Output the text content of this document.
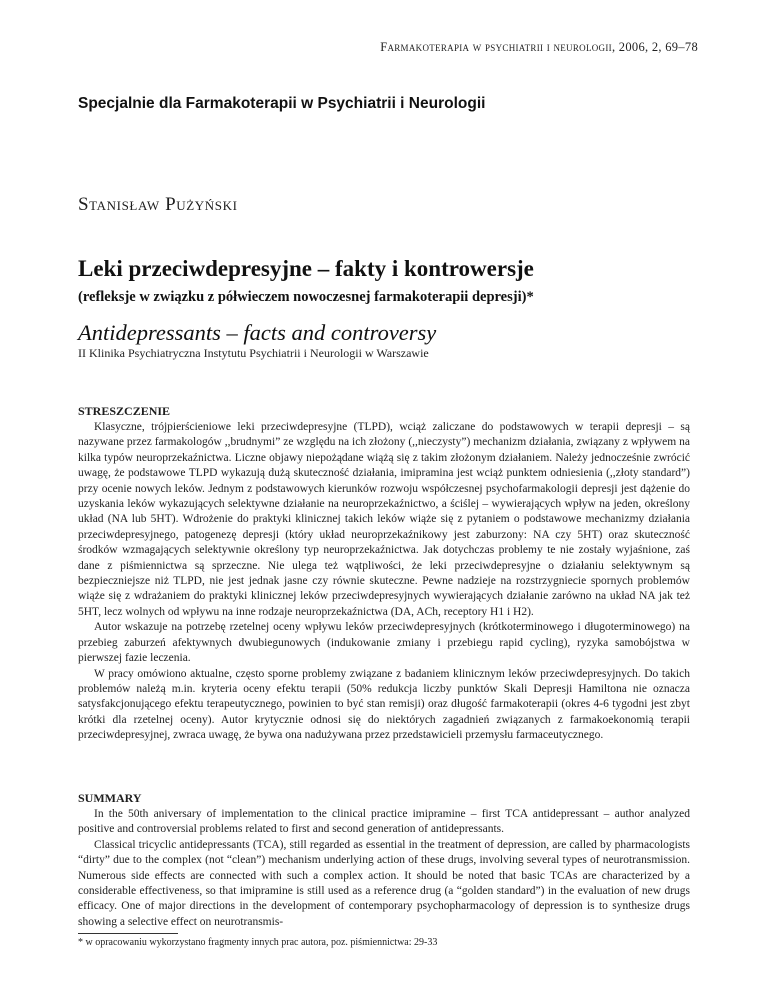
Farmakoterapia w psychiatrii i neurologii, 2006, 2, 69–78
Specjalnie dla Farmakoterapii w Psychiatrii i Neurologii
Stanisław Pużyński
Leki przeciwdepresyjne – fakty i kontrowersje
(refleksje w związku z półwieczem nowoczesnej farmakoterapii depresji)*
Antidepressants – facts and controversy
II Klinika Psychiatryczna Instytutu Psychiatrii i Neurologii w Warszawie
STRESZCZENIE

Klasyczne, trójpierścieniowe leki przeciwdepresyjne (TLPD), wciąż zaliczane do podstawowych w terapii depresji – są nazywane przez farmakologów ,,brudnymi” ze względu na ich złożony (,,nieczysty”) mechanizm działania, związany z wpływem na kilka typów neuroprzekaźnictwa. Liczne objawy niepożądane wiążą się z takim złożonym działaniem. Należy jednocześnie zwrócić uwagę, że podstawowe TLPD wykazują dużą skuteczność działania, imipramina jest wciąż punktem odniesienia (,,złoty standard”) przy ocenie nowych leków. Jednym z podstawowych kierunków rozwoju współczesnej psychofarmakologii depresji jest dążenie do uzyskania leków wykazujących selektywne działanie na neuroprzekaźnictwo, a ściślej – wywierających wpływ na jeden, określony układ (NA lub 5HT). Wdrożenie do praktyki klinicznej takich leków wiąże się z pytaniem o podstawowe mechanizmy działania przeciwdepresyjnego, patogenezę depresji (który układ neuroprzekaźnikowy jest zaburzony: NA czy 5HT) oraz skuteczność środków wzmagających selektywnie określony typ neuroprzekaźnictwa. Jak dotychczas problemy te nie zostały wyjaśnione, zaś dane z piśmiennictwa są sprzeczne. Nie ulega też wątpliwości, że leki przeciwdepresyjne o działaniu selektywnym są bezpieczniejsze niż TLPD, nie jest jednak jasne czy równie skuteczne. Pewne nadzieje na rozstrzygniecie spornych problemów wiąże się z wdrażaniem do praktyki klinicznej leków przeciwdepresyjnych wywierających działanie zarówno na układ NA jak też 5HT, lecz wolnych od wpływu na inne rodzaje neuroprzekaźnictwa (DA, ACh, receptory H1 i H2).

Autor wskazuje na potrzebę rzetelnej oceny wpływu leków przeciwdepresyjnych (krótkoterminowego i długoterminowego) na przebieg zaburzeń afektywnych dwubiegunowych (indukowanie zmiany i przebiegu rapid cycling), ryzyka samobójstwa w pierwszej fazie leczenia.

W pracy omówiono aktualne, często sporne problemy związane z badaniem klinicznym leków przeciwdepresyjnych. Do takich problemów należą m.in. kryteria oceny efektu terapii (50% redukcja liczby punktów Skali Depresji Hamiltona nie oznacza satysfakcjonującego efektu terapeutycznego, powinien to być stan remisji) oraz długość farmakoterapii (okres 4-6 tygodni jest zbyt krótki dla rzetelnej oceny). Autor krytycznie odnosi się do niektórych zagadnień związanych z farmakoekonomią terapii przeciwdepresyjnej, zwraca uwagę, że bywa ona nadużywana przez przedstawicieli przemysłu farmaceutycznego.

SUMMARY

In the 50th aniversary of implementation to the clinical practice imipramine – first TCA antidepressant – author analyzed positive and controversial problems related to first and second generation of antidepressants.

Classical tricyclic antidepressants (TCA), still regarded as essential in the treatment of depression, are called by pharmacologists “dirty” due to the complex (not “clean”) mechanism underlying action of these drugs, involving several types of neurotransmission. Numerous side effects are connected with such a complex action. It should be noted that basic TCAs are characterized by a considerable effectiveness, so that imipramine is still used as a reference drug (a “golden standard”) in the evaluation of new drugs efficacy. One of major directions in the development of contemporary psychopharmacology of depression is to synthesize drugs showing a selective effect on neurotransmis-

* w opracowaniu wykorzystano fragmenty innych prac autora, poz. piśmiennictwa: 29-33
